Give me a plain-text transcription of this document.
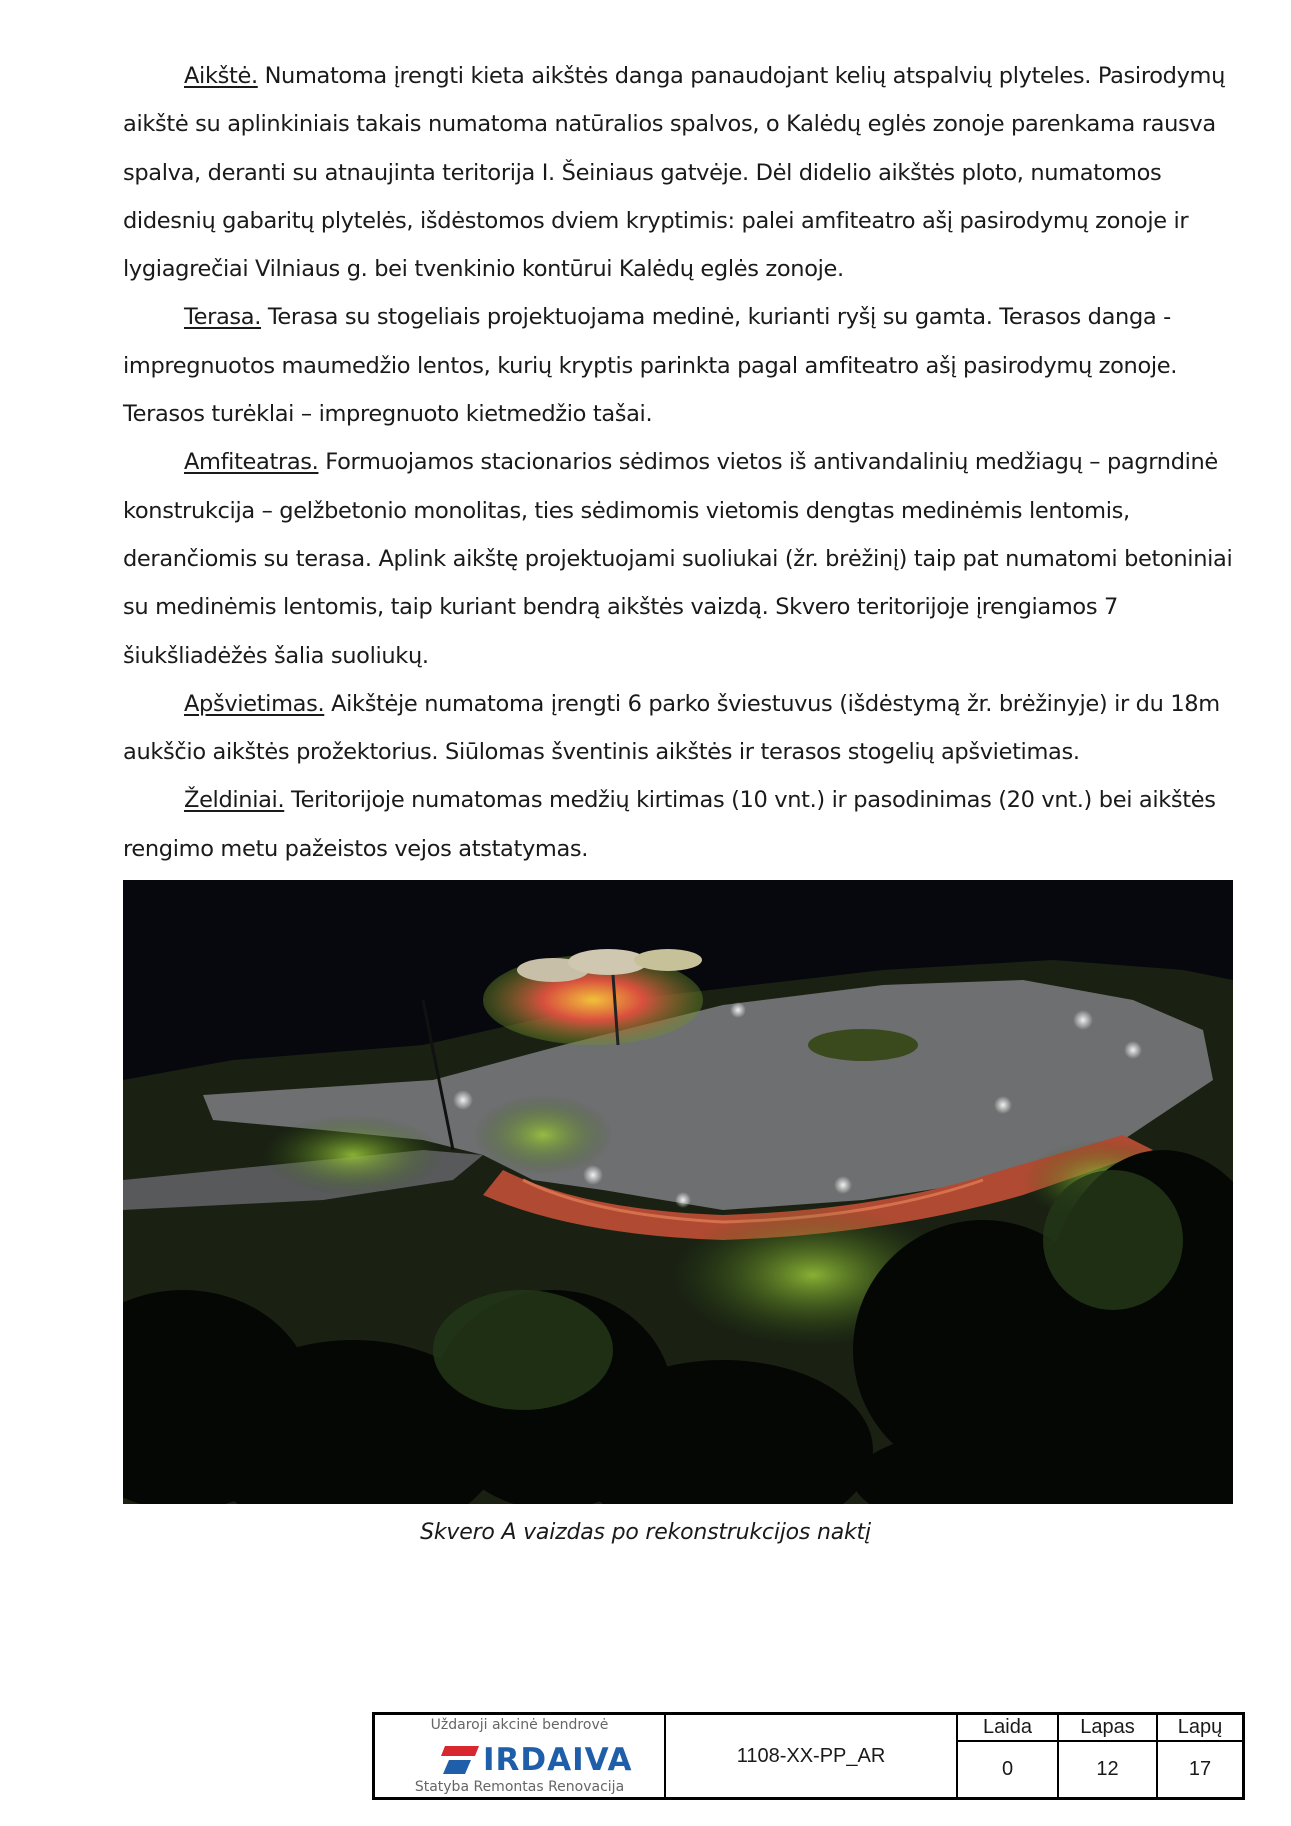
Aikštė. Numatoma įrengti kieta aikštės danga panaudojant kelių atspalvių plyteles. Pasirodymų aikštė su aplinkiniais takais numatoma natūralios spalvos, o Kalėdų eglės zonoje parenkama rausva spalva, deranti su atnaujinta teritorija I. Šeiniaus gatvėje. Dėl didelio aikštės ploto, numatomos didesnių gabaritų plytelės, išdėstomos dviem kryptimis: palei amfiteatro ašį pasirodymų zonoje ir lygiagrečiai Vilniaus g. bei tvenkinio kontūrui Kalėdų eglės zonoje.

Terasa. Terasa su stogeliais projektuojama medinė, kurianti ryšį su gamta. Terasos danga - impregnuotos maumedžio lentos, kurių kryptis parinkta pagal amfiteatro ašį pasirodymų zonoje. Terasos turėklai – impregnuoto kietmedžio tašai.

Amfiteatras. Formuojamos stacionarios sėdimos vietos iš antivandalinių medžiagų – pagrndinė konstrukcija – gelžbetonio monolitas, ties sėdimomis vietomis dengtas medinėmis lentomis, derančiomis su terasa. Aplink aikštę projektuojami suoliukai (žr. brėžinį) taip pat numatomi betoniniai su medinėmis lentomis, taip kuriant bendrą aikštės vaizdą. Skvero teritorijoje įrengiamos 7 šiukšliadėžės šalia suoliukų.

Apšvietimas. Aikštėje numatoma įrengti 6 parko šviestuvus (išdėstymą žr. brėžinyje) ir du 18m aukščio aikštės prožektorius. Siūlomas šventinis aikštės ir terasos stogelių apšvietimas.

Želdiniai. Teritorijoje numatomas medžių kirtimas (10 vnt.) ir pasodinimas (20 vnt.) bei aikštės rengimo metu pažeistos vejos atstatymas.

Skvero A vaizdas po rekonstrukcijos naktį
Uždaroji akcinė bendrovė
IRDAIVA
Statyba Remontas Renovacija
1108-XX-PP_AR
Laida	Lapas	Lapų
0	12	17
